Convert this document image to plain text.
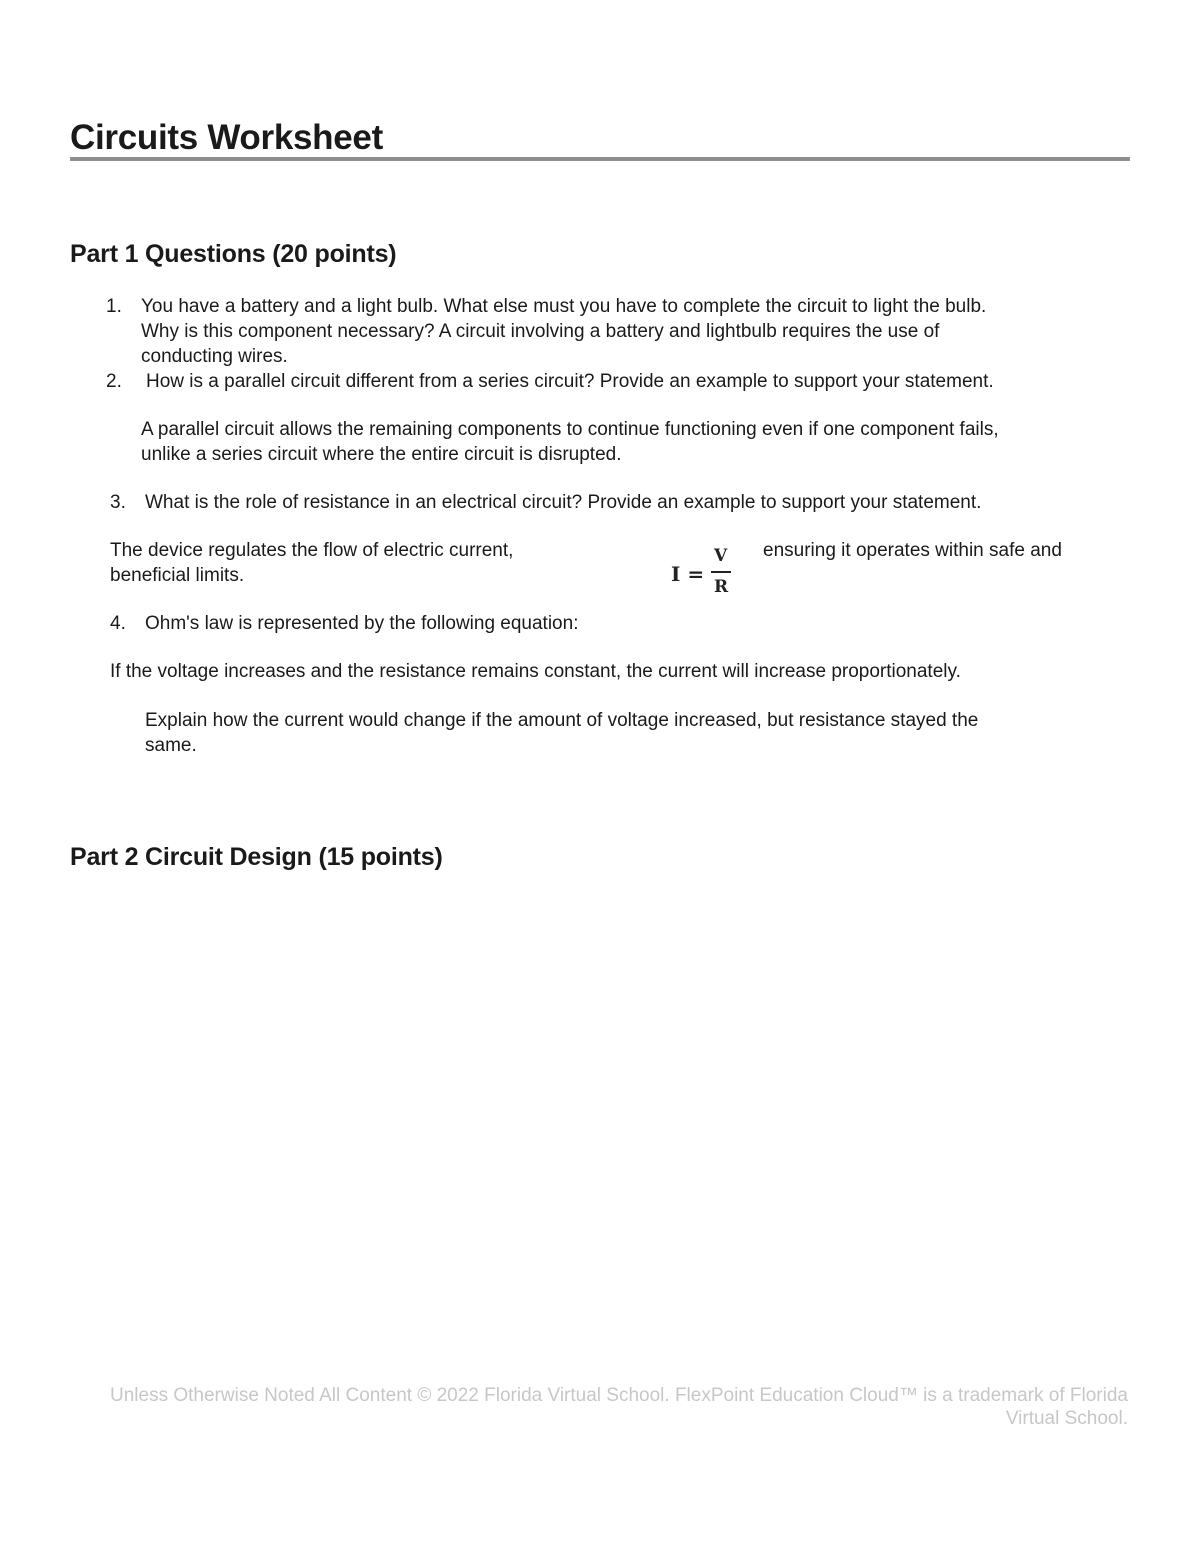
Circuits Worksheet
Part 1 Questions (20 points)
1. You have a battery and a light bulb. What else must you have to complete the circuit to light the bulb.
Why is this component necessary? A circuit involving a battery and lightbulb requires the use of
conducting wires.
2. How is a parallel circuit different from a series circuit? Provide an example to support your statement.
A parallel circuit allows the remaining components to continue functioning even if one component fails,
unlike a series circuit where the entire circuit is disrupted.
3. What is the role of resistance in an electrical circuit? Provide an example to support your statement.
The device regulates the flow of electric current,
beneficial limits.
ensuring it operates within safe and
I =
V
R
4. Ohm's law is represented by the following equation:
If the voltage increases and the resistance remains constant, the current will increase proportionately.
Explain how the current would change if the amount of voltage increased, but resistance stayed the
same.
Part 2 Circuit Design (15 points)
Unless Otherwise Noted All Content © 2022 Florida Virtual School. FlexPoint Education Cloud™ is a trademark of Florida
Virtual School.
